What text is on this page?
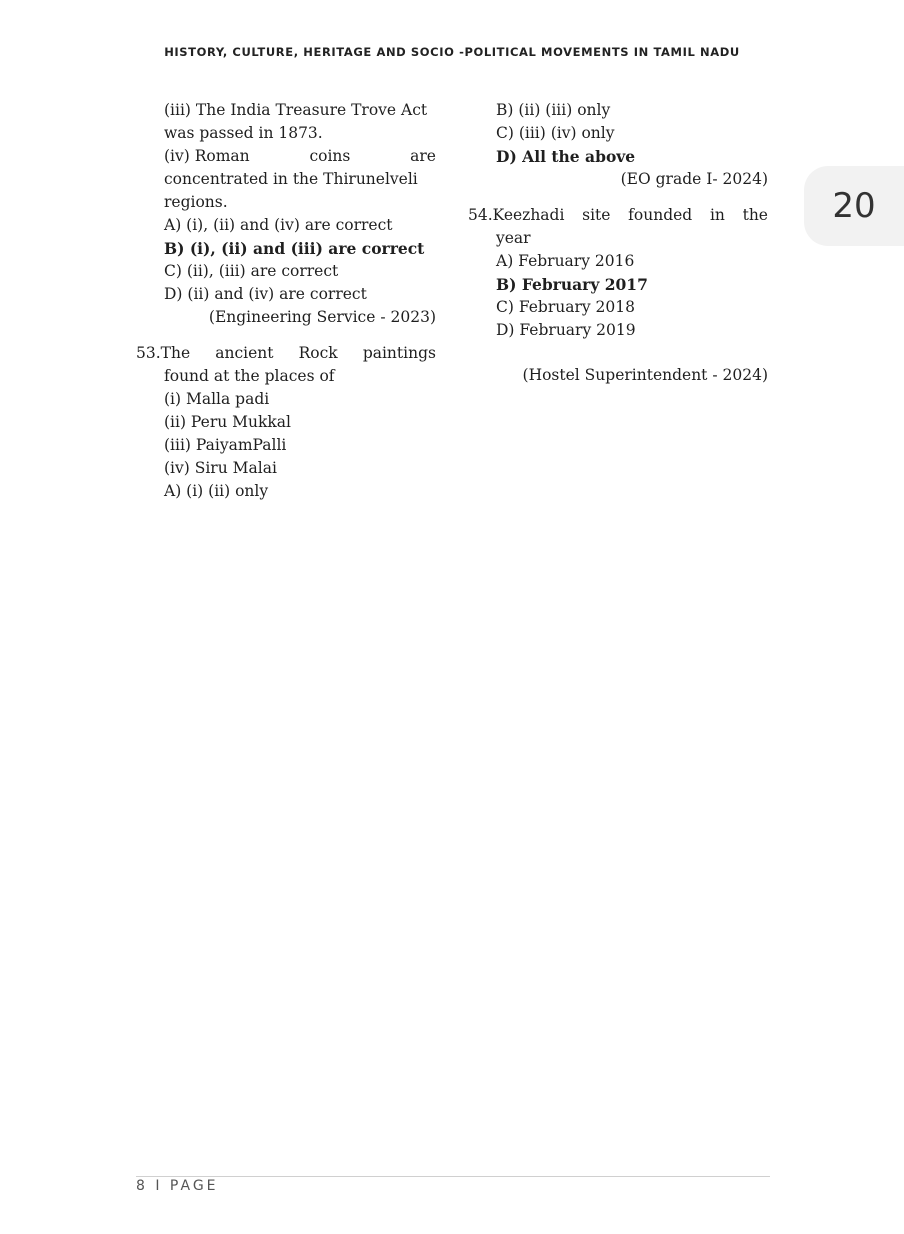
HISTORY, CULTURE, HERITAGE AND SOCIO -POLITICAL MOVEMENTS IN TAMIL NADU
20
(iii) The India Treasure Trove Act
was passed in 1873.
(iv) Roman	coins	are
concentrated in the Thirunelveli
regions.
A) (i), (ii) and (iv) are correct
B) (i), (ii) and (iii) are correct
C) (ii), (iii) are correct
D) (ii) and (iv) are correct
(Engineering Service - 2023)
53.The ancient Rock paintings
found at the places of
(i) Malla padi
(ii) Peru Mukkal
(iii) PaiyamPalli
(iv) Siru Malai
A) (i) (ii) only
B) (ii) (iii) only
C) (iii) (iv) only
D) All the above
(EO grade I- 2024)
54.Keezhadi site founded in the
year
A) February 2016
B) February 2017
C) February 2018
D) February 2019
(Hostel Superintendent - 2024)
8 I PAGE
